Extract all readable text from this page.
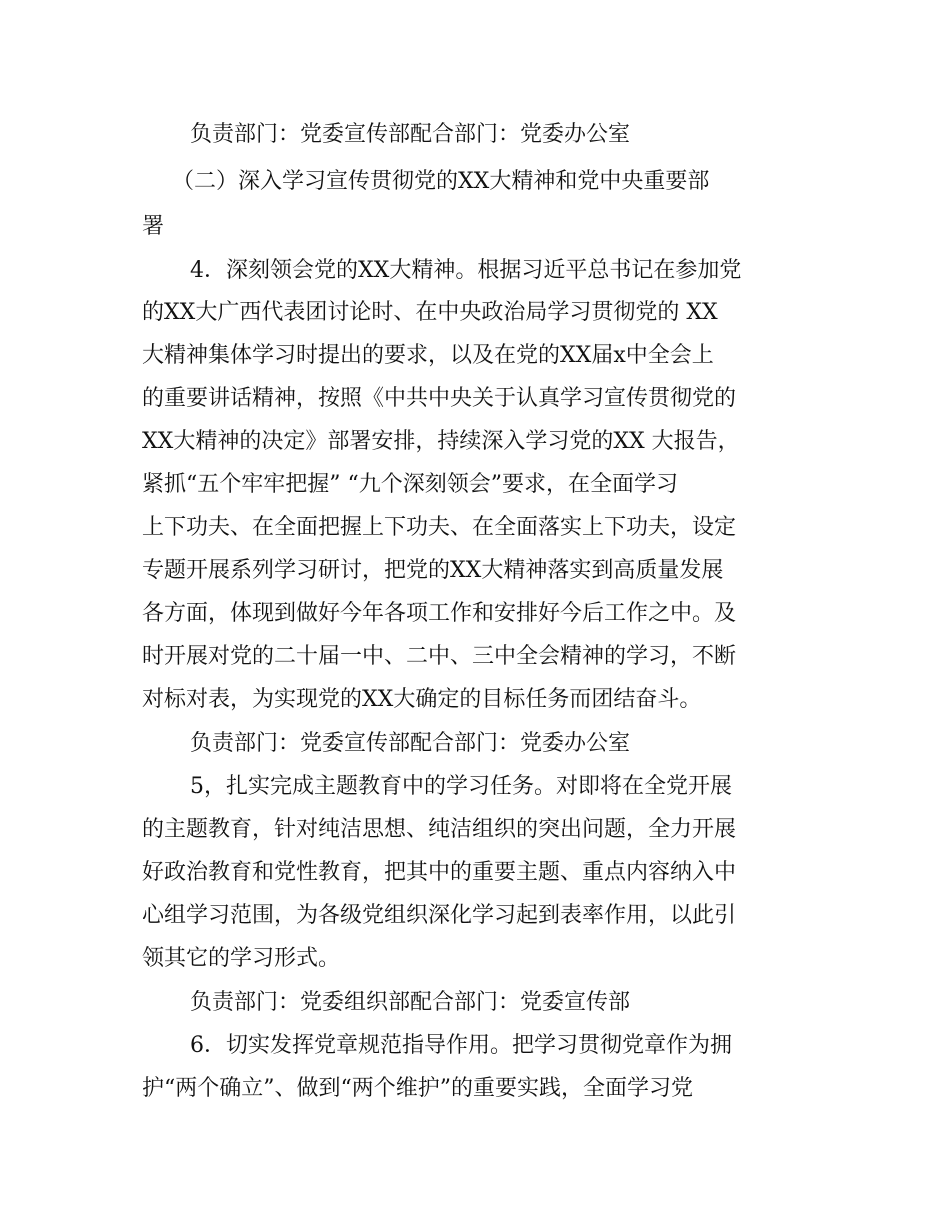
负责部门：党委宣传部配合部门：党委办公室
（二）深入学习宣传贯彻党的XX大精神和党中央重要部
署
4．深刻领会党的XX大精神。根据习近平总书记在参加党
的XX大广西代表团讨论时、在中央政治局学习贯彻党的 XX
大精神集体学习时提出的要求，以及在党的XX届x中全会上
的重要讲话精神，按照《中共中央关于认真学习宣传贯彻党的
XX大精神的决定》部署安排，持续深入学习党的XX 大报告，
紧抓“五个牢牢把握” “九个深刻领会”要求，在全面学习
上下功夫、在全面把握上下功夫、在全面落实上下功夫，设定
专题开展系列学习研讨，把党的XX大精神落实到高质量发展
各方面，体现到做好今年各项工作和安排好今后工作之中。及
时开展对党的二十届一中、二中、三中全会精神的学习，不断
对标对表，为实现党的XX大确定的目标任务而团结奋斗。
负责部门：党委宣传部配合部门：党委办公室
5，扎实完成主题教育中的学习任务。对即将在全党开展
的主题教育，针对纯洁思想、纯洁组织的突出问题，全力开展
好政治教育和党性教育，把其中的重要主题、重点内容纳入中
心组学习范围，为各级党组织深化学习起到表率作用，以此引
领其它的学习形式。
负责部门：党委组织部配合部门：党委宣传部
6．切实发挥党章规范指导作用。把学习贯彻党章作为拥
护“两个确立”、做到“两个维护”的重要实践，全面学习党
